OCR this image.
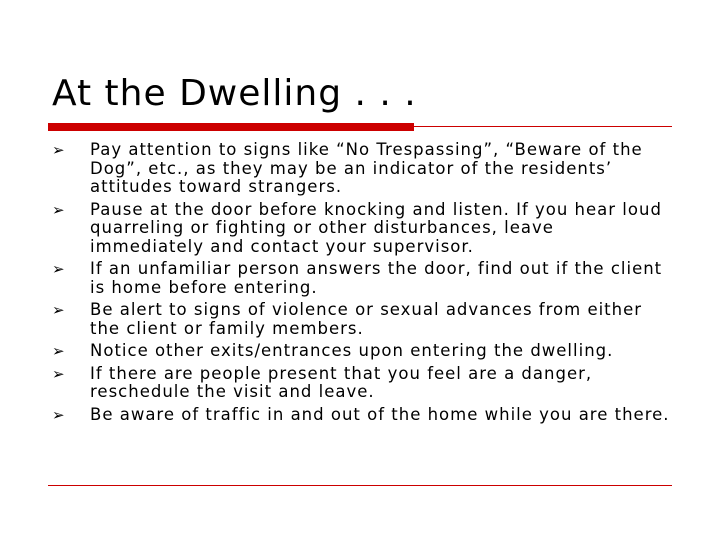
At the Dwelling . . .
➢ Pay attention to signs like “No Trespassing”, “Beware of the Dog”, etc., as they may be an indicator of the residents’ attitudes toward strangers.
➢ Pause at the door before knocking and listen. If you hear loud quarreling or fighting or other disturbances, leave immediately and contact your supervisor.
➢ If an unfamiliar person answers the door, find out if the client is home before entering.
➢ Be alert to signs of violence or sexual advances from either the client or family members.
➢ Notice other exits/entrances upon entering the dwelling.
➢ If there are people present that you feel are a danger, reschedule the visit and leave.
➢ Be aware of traffic in and out of the home while you are there.
